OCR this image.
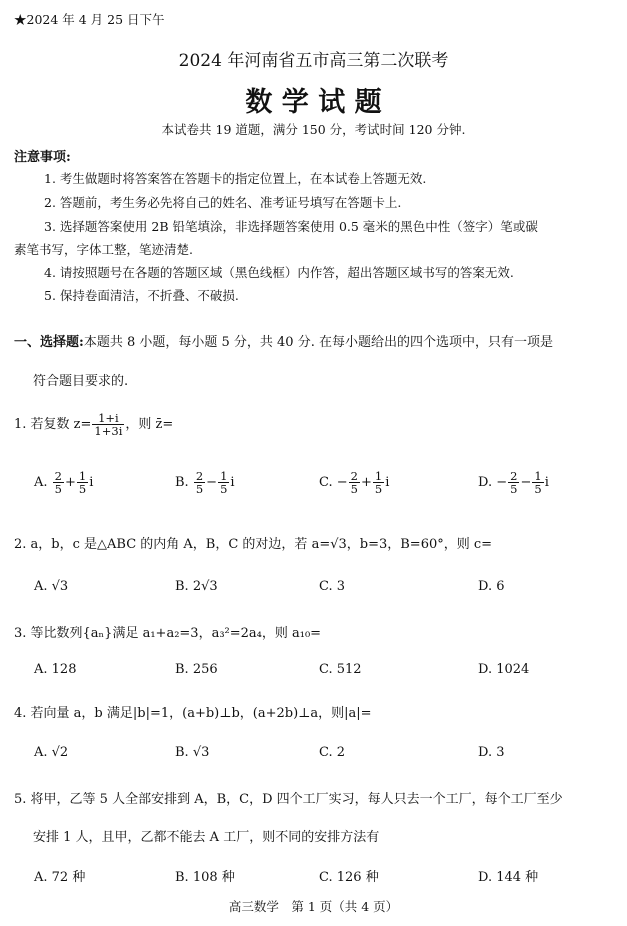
★2024 年 4 月 25 日下午
2024 年河南省五市高三第二次联考
数 学 试 题
本试卷共 19 道题，满分 150 分，考试时间 120 分钟.
注意事项:
1. 考生做题时将答案答在答题卡的指定位置上，在本试卷上答题无效.
2. 答题前，考生务必先将自己的姓名、准考证号填写在答题卡上.
3. 选择题答案使用 2B 铅笔填涂，非选择题答案使用 0.5 毫米的黑色中性（签字）笔或碳
素笔书写，字体工整，笔迹清楚.
4. 请按照题号在各题的答题区域（黑色线框）内作答，超出答题区域书写的答案无效.
5. 保持卷面清洁，不折叠、不破损.
一、选择题:本题共 8 小题，每小题 5 分，共 40 分. 在每小题给出的四个选项中，只有一项是
符合题目要求的.
1. 若复数 $z= \frac{1+i}{1+3i}$ ，则 z̄=
A. $\frac{2}{5} + \frac{1}{5}$ i	B. $\frac{2}{5} - \frac{1}{5}$ i	C. − $\frac{2}{5} + \frac{1}{5}$ i	D. − $\frac{2}{5} - \frac{1}{5}$ i
2. a，b，c 是△ABC 的内角 A，B，C 的对边，若 a=√3，b=3，B=60°，则 c=
A. √3	B. 2√3	C. 3	D. 6
3. 等比数列{aₙ}满足 a₁+a₂=3，a₃²=2a₄，则 a₁₀=
A. 128	B. 256	C. 512	D. 1024
4. 若向量 a，b 满足|b|=1，(a+b)⊥b，(a+2b)⊥a，则|a|=
A. √2	B. √3	C. 2	D. 3
5. 将甲，乙等 5 人全部安排到 A，B，C，D 四个工厂实习，每人只去一个工厂，每个工厂至少
安排 1 人，且甲，乙都不能去 A 工厂，则不同的安排方法有
A. 72 种	B. 108 种	C. 126 种	D. 144 种
高三数学　第 1 页（共 4 页）
